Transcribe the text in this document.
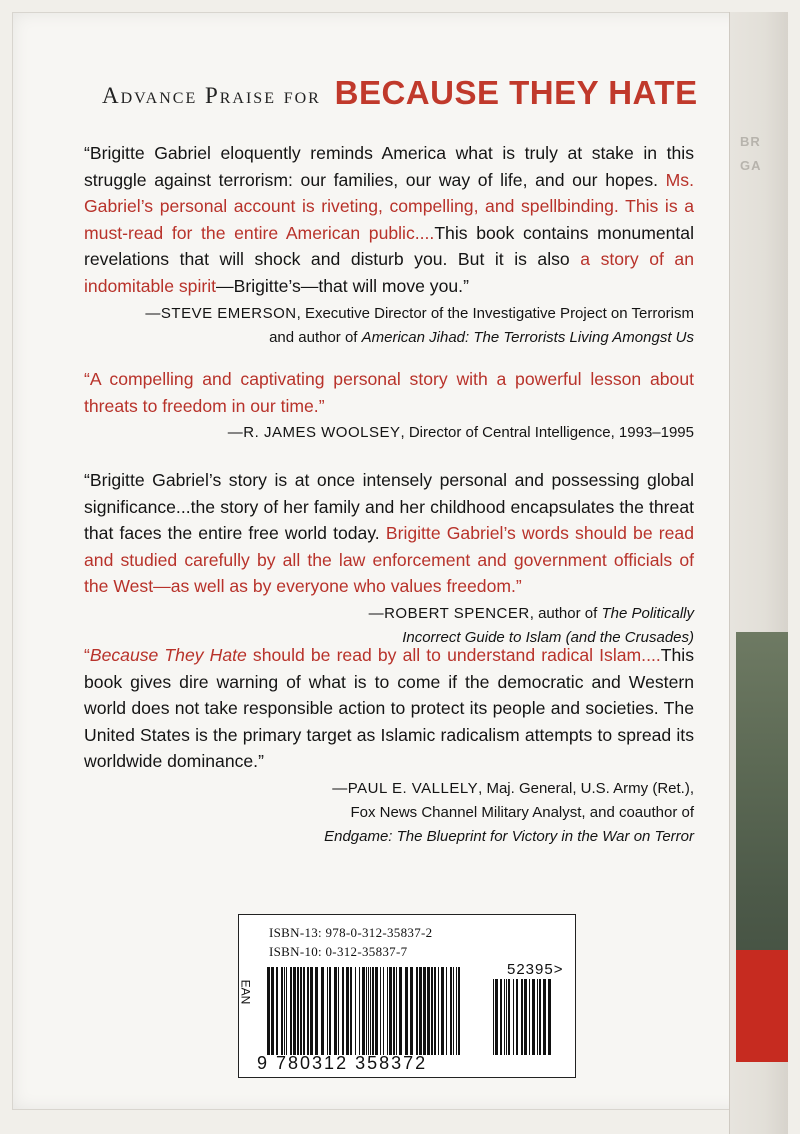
BR
GA
Advance Praise for BECAUSE THEY HATE
“Brigitte Gabriel eloquently reminds America what is truly at stake in this struggle against terrorism: our families, our way of life, and our hopes. Ms. Gabriel’s personal account is riveting, compelling, and spellbinding. This is a must-read for the entire American public....This book contains monumental revelations that will shock and disturb you. But it is also a story of an indomitable spirit—Brigitte’s—that will move you.”
—STEVE EMERSON, Executive Director of the Investigative Project on Terrorism
and author of American Jihad: The Terrorists Living Amongst Us
“A compelling and captivating personal story with a powerful lesson about threats to freedom in our time.”
—R. JAMES WOOLSEY, Director of Central Intelligence, 1993–1995
“Brigitte Gabriel’s story is at once intensely personal and possessing global significance...the story of her family and her childhood encapsulates the threat that faces the entire free world today. Brigitte Gabriel’s words should be read and studied carefully by all the law enforcement and government officials of the West—as well as by everyone who values freedom.”
—ROBERT SPENCER, author of The Politically
Incorrect Guide to Islam (and the Crusades)
“Because They Hate should be read by all to understand radical Islam....This book gives dire warning of what is to come if the democratic and Western world does not take responsible action to protect its people and societies. The United States is the primary target as Islamic radicalism attempts to spread its worldwide dominance.”
—PAUL E. VALLELY, Maj. General, U.S. Army (Ret.),
Fox News Channel Military Analyst, and coauthor of
Endgame: The Blueprint for Victory in the War on Terror
ISBN-13: 978-0-312-35837-2
ISBN-10: 0-312-35837-7
EAN
52395>
9 780312 358372
